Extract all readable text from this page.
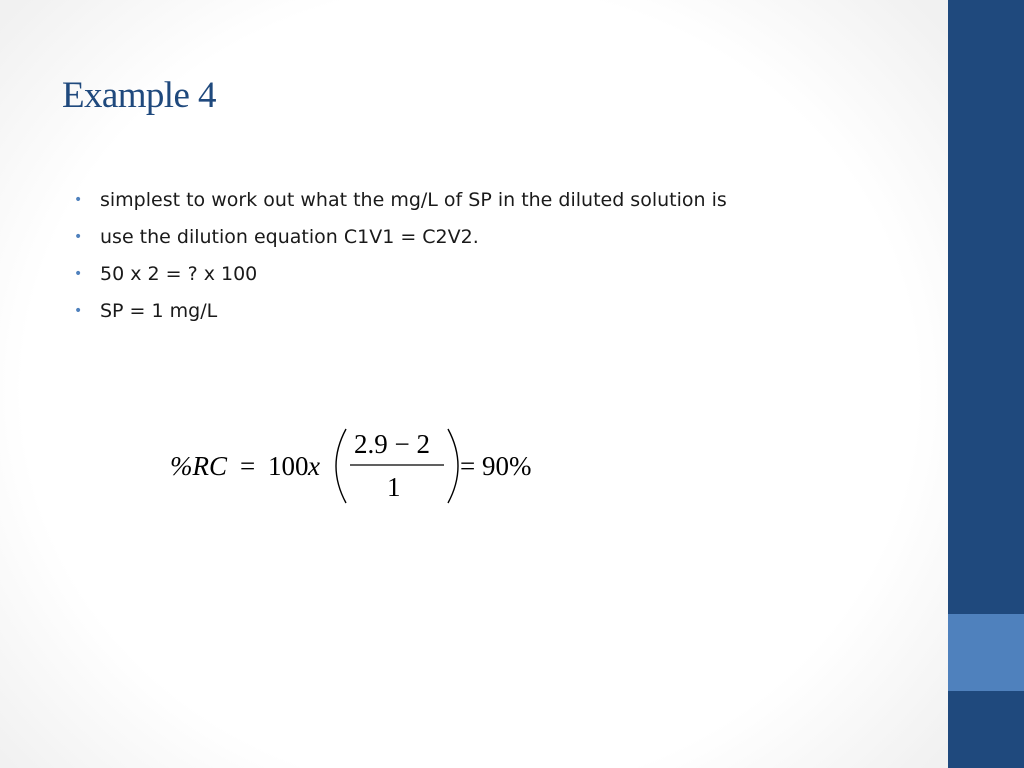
Example 4
• simplest to work out what the mg/L of SP in the diluted solution is
• use the dilution equation C1V1 = C2V2.
• 50 x 2 = ? x 100
• SP = 1 mg/L
%RC = 100 x
2.9 − 2
1
= 90%
